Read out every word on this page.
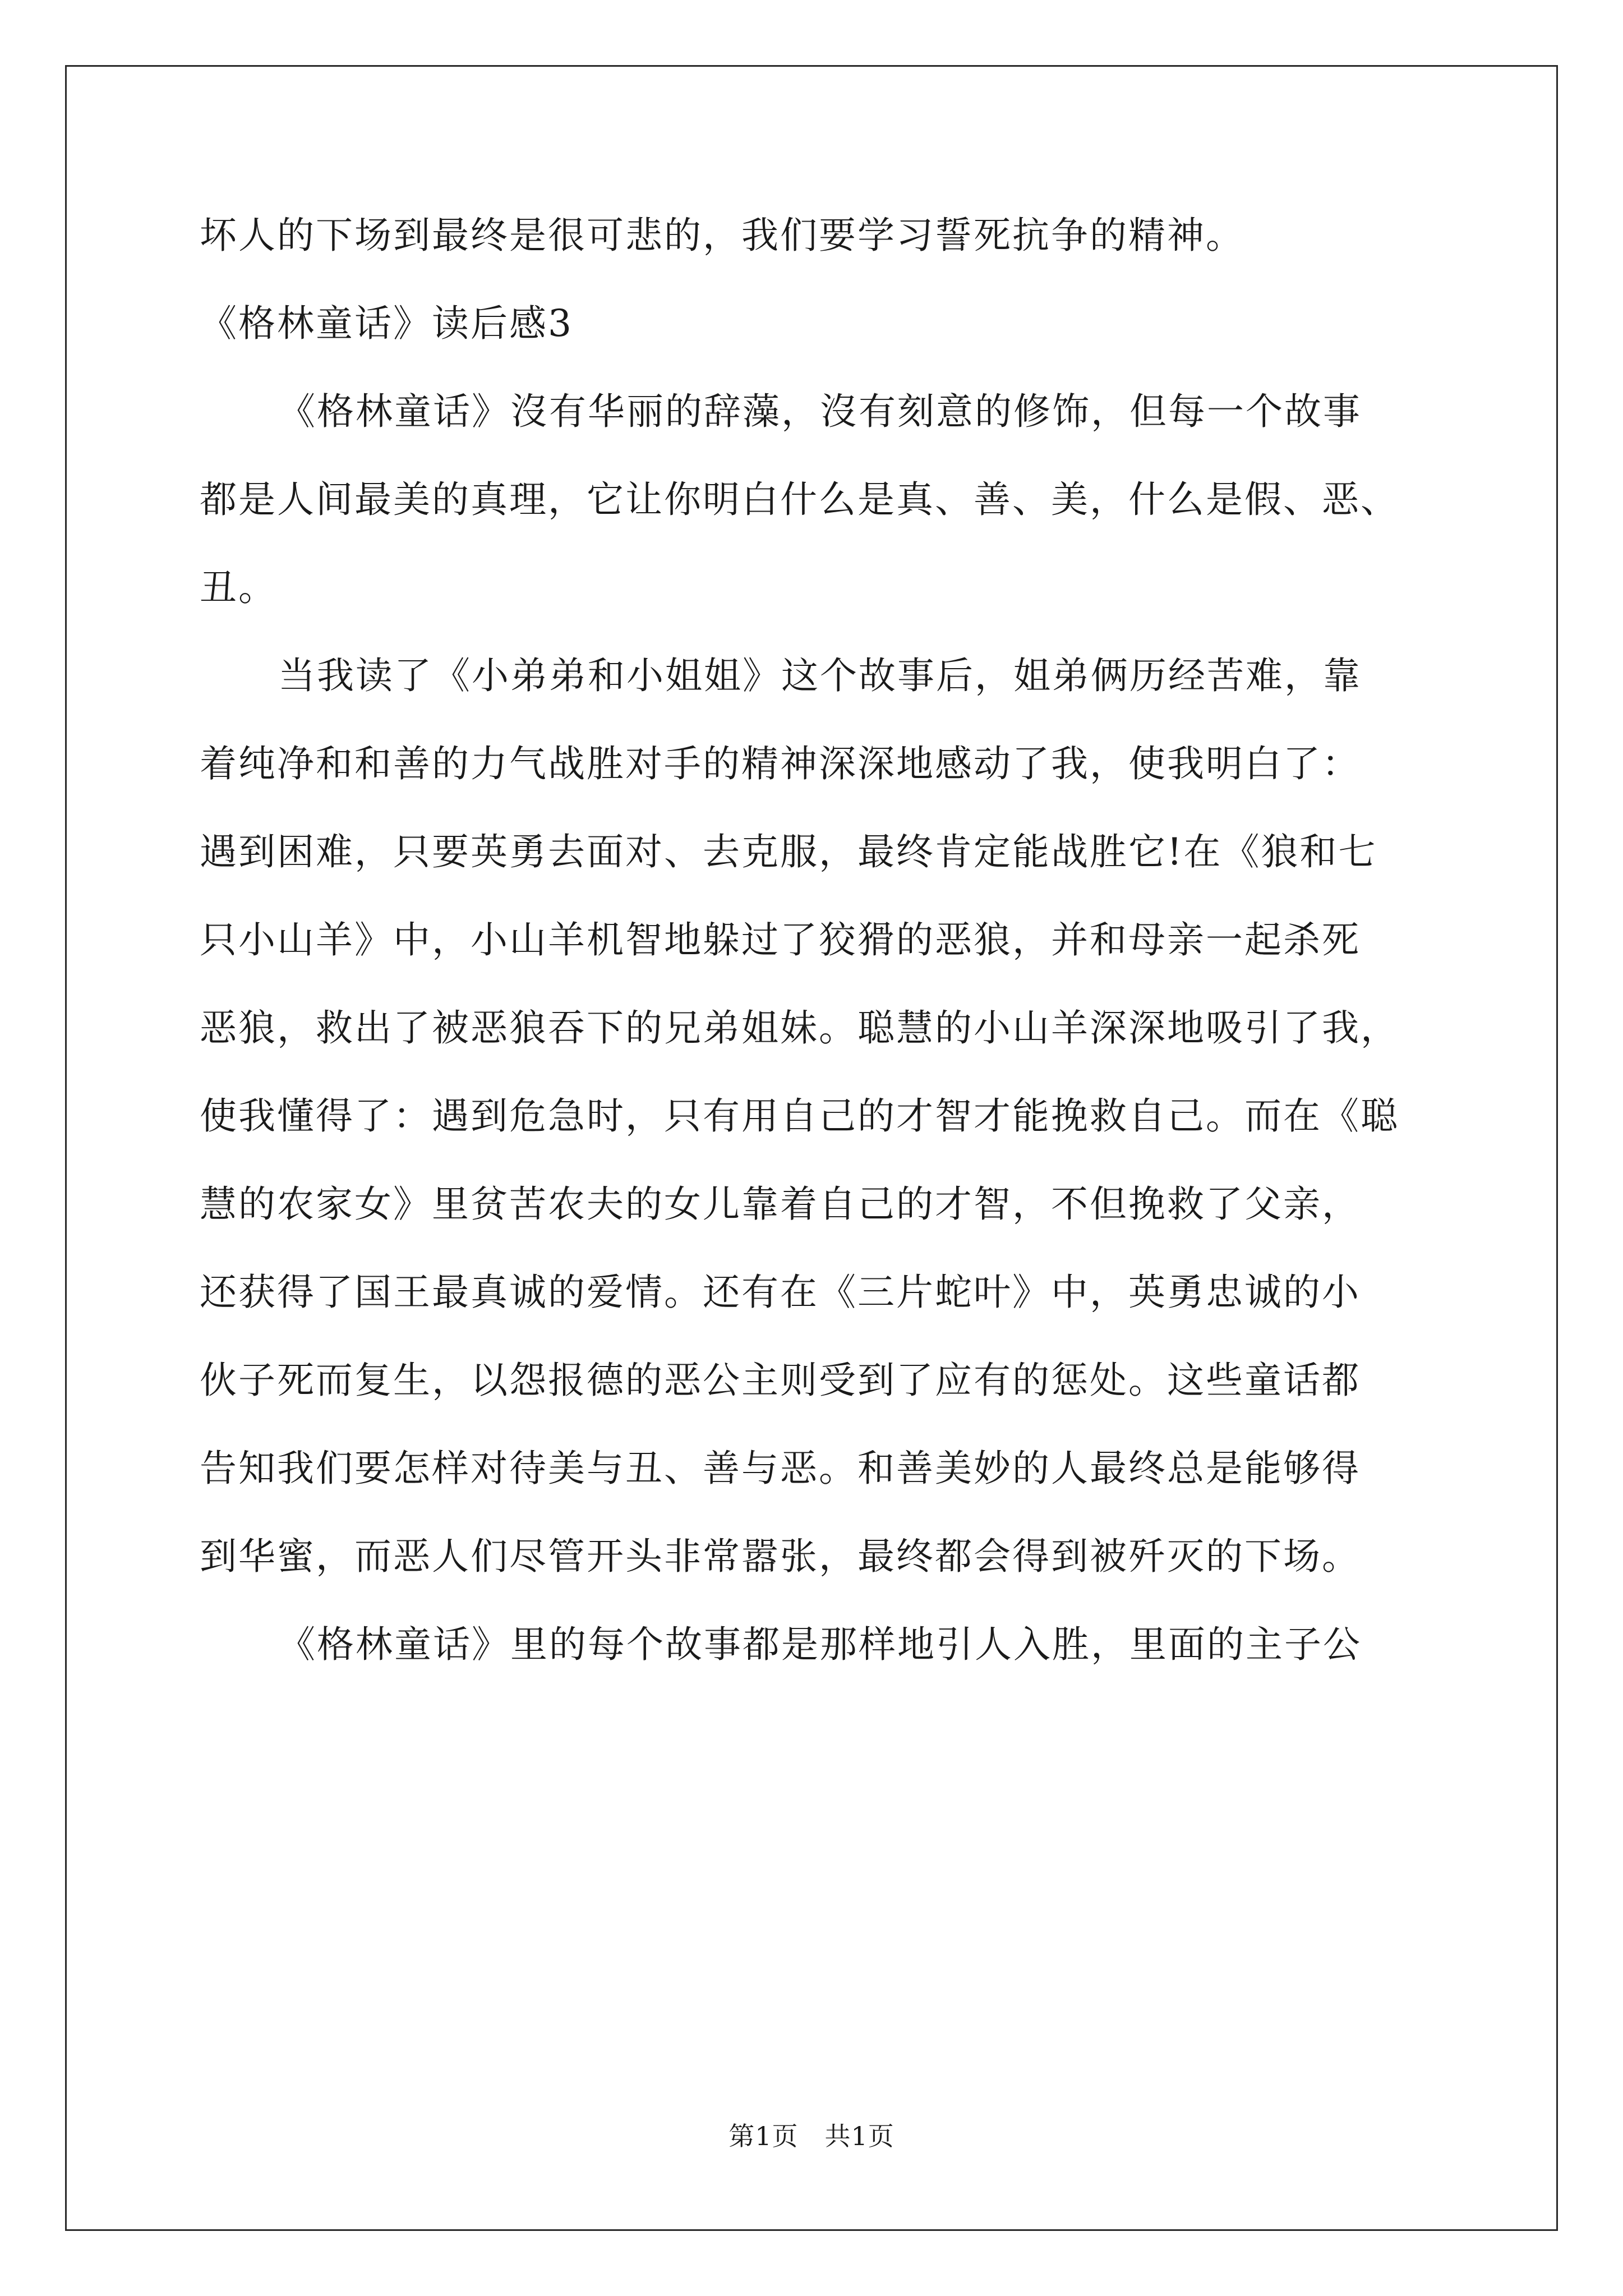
坏人的下场到最终是很可悲的，我们要学习誓死抗争的精神。
《格林童话》读后感3
《格林童话》沒有华丽的辞藻，沒有刻意的修饰，但每一个故事
都是人间最美的真理，它让你明白什么是真、善、美，什么是假、恶、
丑。
当我读了《小弟弟和小姐姐》这个故事后，姐弟俩历经苦难，靠
着纯净和和善的力气战胜对手的精神深深地感动了我，使我明白了：
遇到困难，只要英勇去面对、去克服，最终肯定能战胜它!在《狼和七
只小山羊》中，小山羊机智地躲过了狡猾的恶狼，并和母亲一起杀死
恶狼，救出了被恶狼吞下的兄弟姐妹。聪慧的小山羊深深地吸引了我，
使我懂得了：遇到危急时，只有用自己的才智才能挽救自己。而在《聪
慧的农家女》里贫苦农夫的女儿靠着自己的才智，不但挽救了父亲，
还获得了国王最真诚的爱情。还有在《三片蛇叶》中，英勇忠诚的小
伙子死而复生，以怨报德的恶公主则受到了应有的惩处。这些童话都
告知我们要怎样对待美与丑、善与恶。和善美妙的人最终总是能够得
到华蜜，而恶人们尽管开头非常嚣张，最终都会得到被歼灭的下场。
《格林童话》里的每个故事都是那样地引人入胜，里面的主子公
第1页　共1页
